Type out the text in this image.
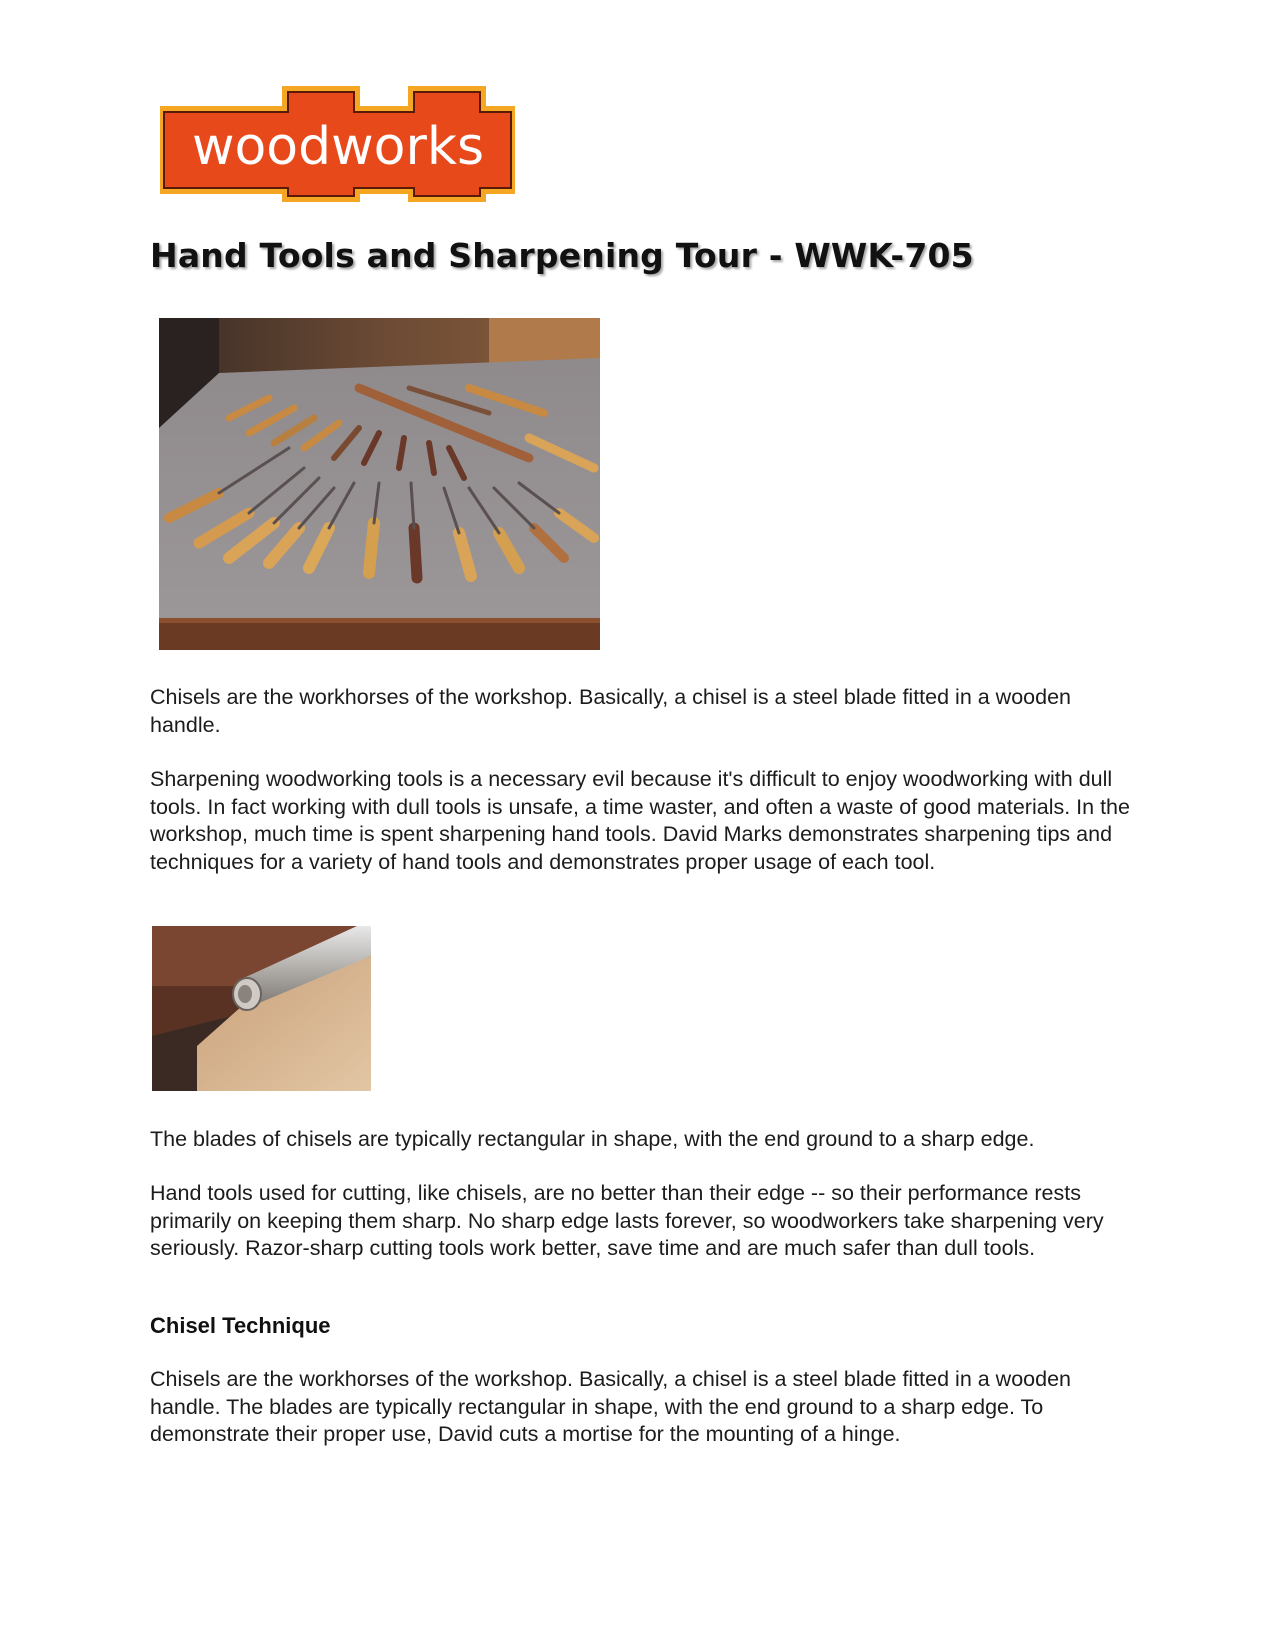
woodworks
Hand Tools and Sharpening Tour - WWK-705

Chisels are the workhorses of the workshop. Basically, a chisel is a steel blade fitted in a wooden handle.

Sharpening woodworking tools is a necessary evil because it's difficult to enjoy woodworking with dull tools. In fact working with dull tools is unsafe, a time waster, and often a waste of good materials. In the workshop, much time is spent sharpening hand tools. David Marks demonstrates sharpening tips and techniques for a variety of hand tools and demonstrates proper usage of each tool.

The blades of chisels are typically rectangular in shape, with the end ground to a sharp edge.

Hand tools used for cutting, like chisels, are no better than their edge -- so their performance rests primarily on keeping them sharp. No sharp edge lasts forever, so woodworkers take sharpening very seriously. Razor-sharp cutting tools work better, save time and are much safer than dull tools.

Chisel Technique

Chisels are the workhorses of the workshop. Basically, a chisel is a steel blade fitted in a wooden handle. The blades are typically rectangular in shape, with the end ground to a sharp edge. To demonstrate their proper use, David cuts a mortise for the mounting of a hinge.
